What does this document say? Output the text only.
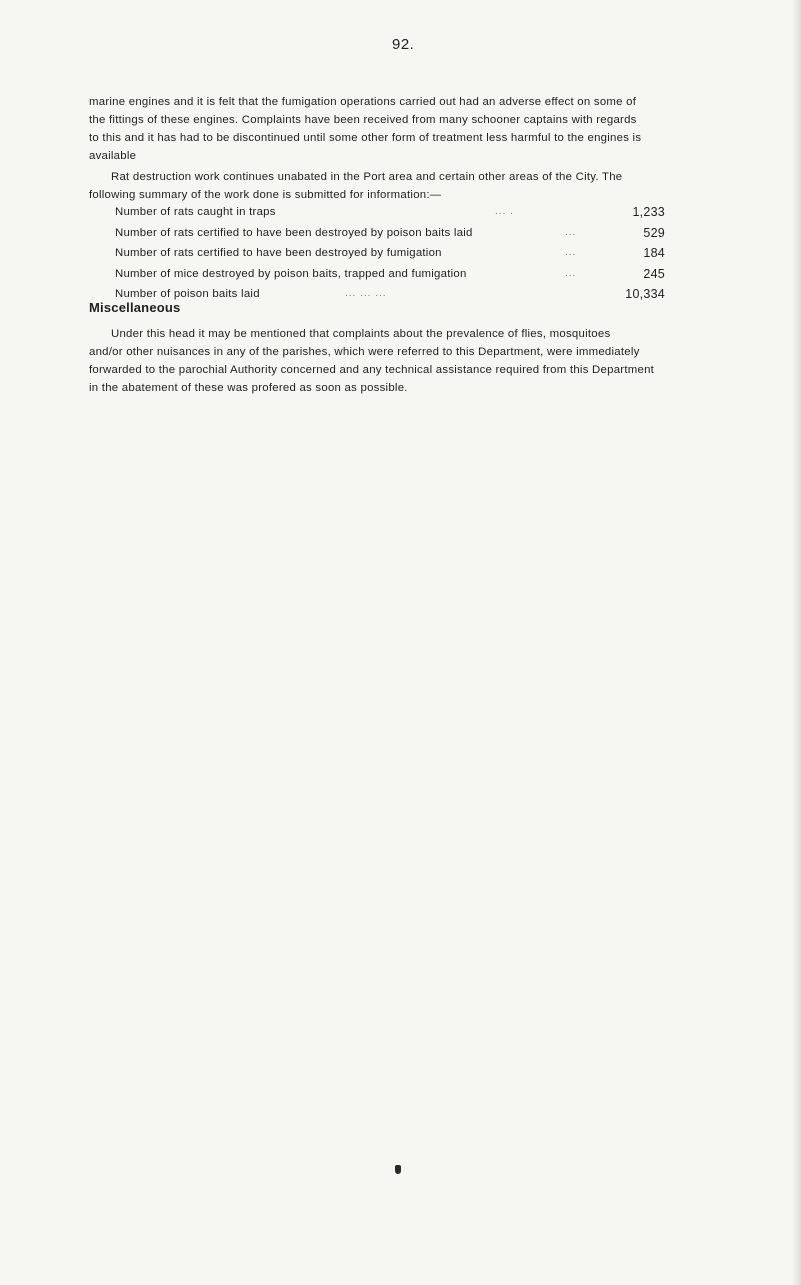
92.
marine engines and it is felt that the fumigation operations carried out had an adverse effect on some of
the fittings of these engines. Complaints have been received from many schooner captains with regards
to this and it has had to be discontinued until some other form of treatment less harmful to the engines is
available
Rat destruction work continues unabated in the Port area and certain other areas of the City. The
following summary of the work done is submitted for information:—
Number of rats caught in traps	... .	1,233
Number of rats certified to have been destroyed by poison baits laid	...	529
Number of rats certified to have been destroyed by fumigation	...	184
Number of mice destroyed by poison baits, trapped and fumigation	...	245
Number of poison baits laid	... ... ...	10,334
Miscellaneous
Under this head it may be mentioned that complaints about the prevalence of flies, mosquitoes
and/or other nuisances in any of the parishes, which were referred to this Department, were immediately
forwarded to the parochial Authority concerned and any technical assistance required from this Department
in the abatement of these was profered as soon as possible.
